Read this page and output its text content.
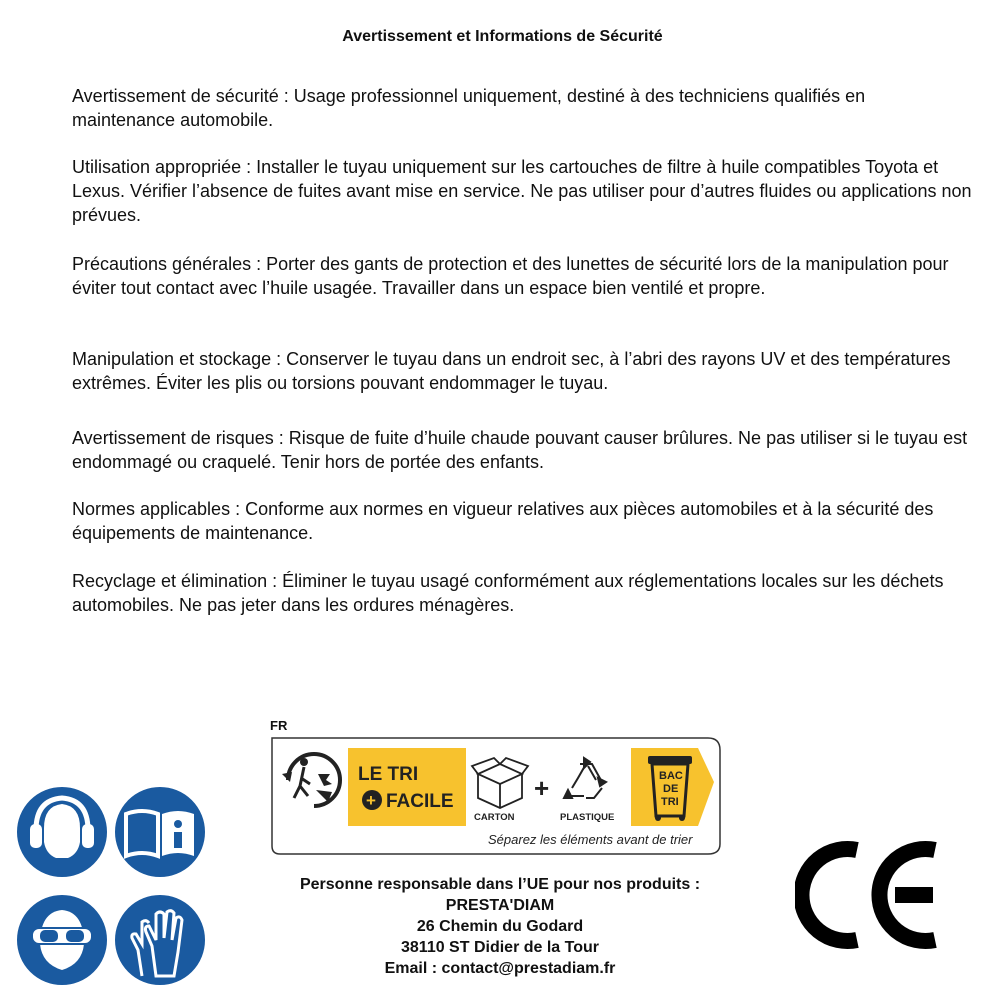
Avertissement et Informations de Sécurité

Avertissement de sécurité : Usage professionnel uniquement, destiné à des techniciens qualifiés en maintenance automobile.

Utilisation appropriée : Installer le tuyau uniquement sur les cartouches de filtre à huile compatibles Toyota et Lexus. Vérifier l’absence de fuites avant mise en service. Ne pas utiliser pour d’autres fluides ou applications non prévues.

Précautions générales : Porter des gants de protection et des lunettes de sécurité lors de la manipulation pour éviter tout contact avec l’huile usagée. Travailler dans un espace bien ventilé et propre.

Manipulation et stockage : Conserver le tuyau dans un endroit sec, à l’abri des rayons UV et des températures extrêmes. Éviter les plis ou torsions pouvant endommager le tuyau.

Avertissement de risques : Risque de fuite d’huile chaude pouvant causer brûlures. Ne pas utiliser si le tuyau est endommagé ou craquelé. Tenir hors de portée des enfants.

Normes applicables : Conforme aux normes en vigueur relatives aux pièces automobiles et à la sécurité des équipements de maintenance.

Recyclage et élimination : Éliminer le tuyau usagé conformément aux réglementations locales sur les déchets automobiles. Ne pas jeter dans les ordures ménagères.

FR
LE TRI
+ FACILE
CARTON
+
PLASTIQUE
BAC
DE
TRI
Séparez les éléments avant de trier
Personne responsable dans l’UE pour nos produits :
PRESTA'DIAM
26 Chemin du Godard
38110 ST Didier de la Tour
Email : contact@prestadiam.fr
